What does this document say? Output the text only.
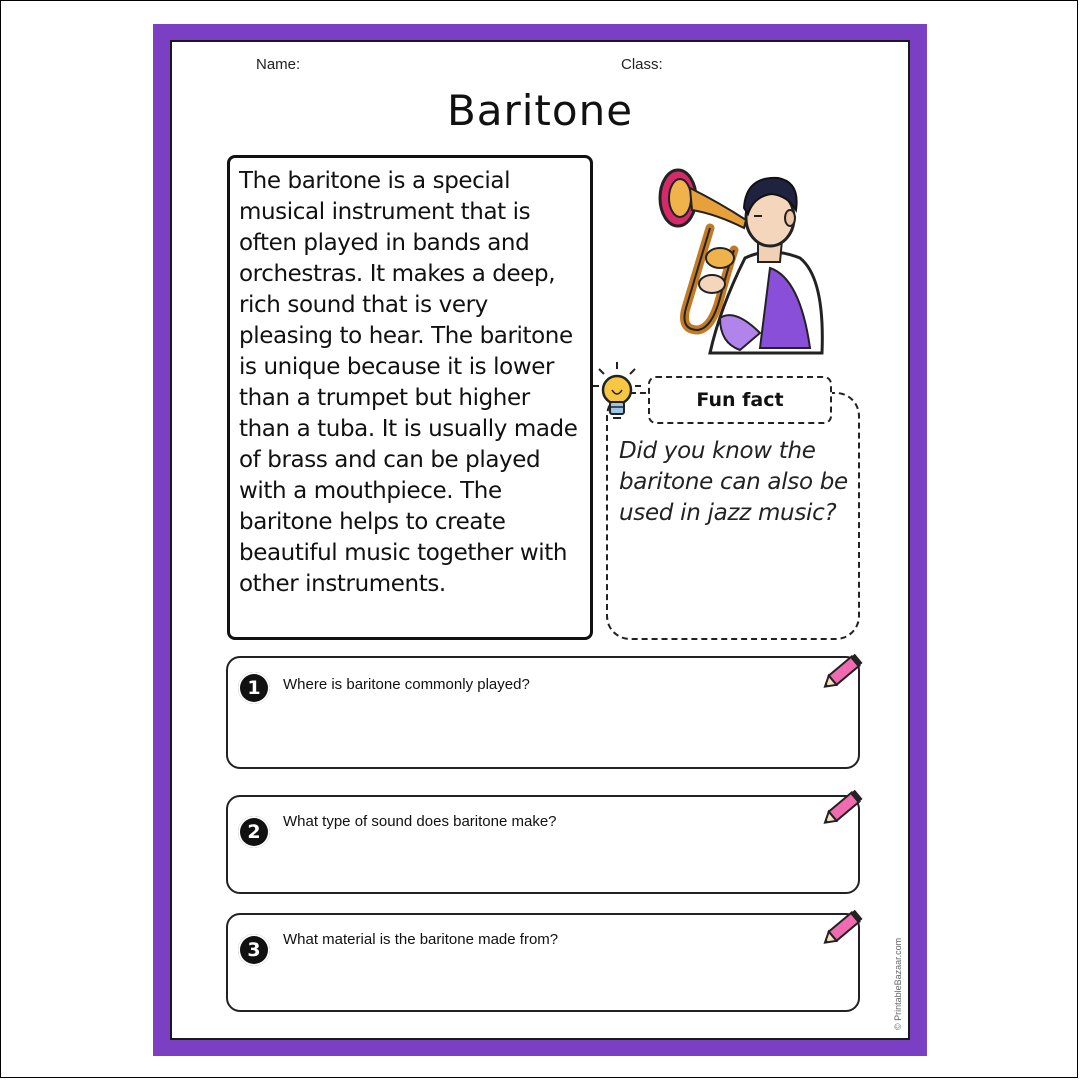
Name:	Class:
Baritone

The baritone is a special musical instrument that is often played in bands and orchestras. It makes a deep, rich sound that is very pleasing to hear. The baritone is unique because it is lower than a trumpet but higher than a tuba. It is usually made of brass and can be played with a mouthpiece. The baritone helps to create beautiful music together with other instruments.

Fun fact
Did you know the baritone can also be used in jazz music?
1	Where is baritone commonly played?
2	What type of sound does baritone make?
3	What material is the baritone made from?	© PrintableBazaar.com
